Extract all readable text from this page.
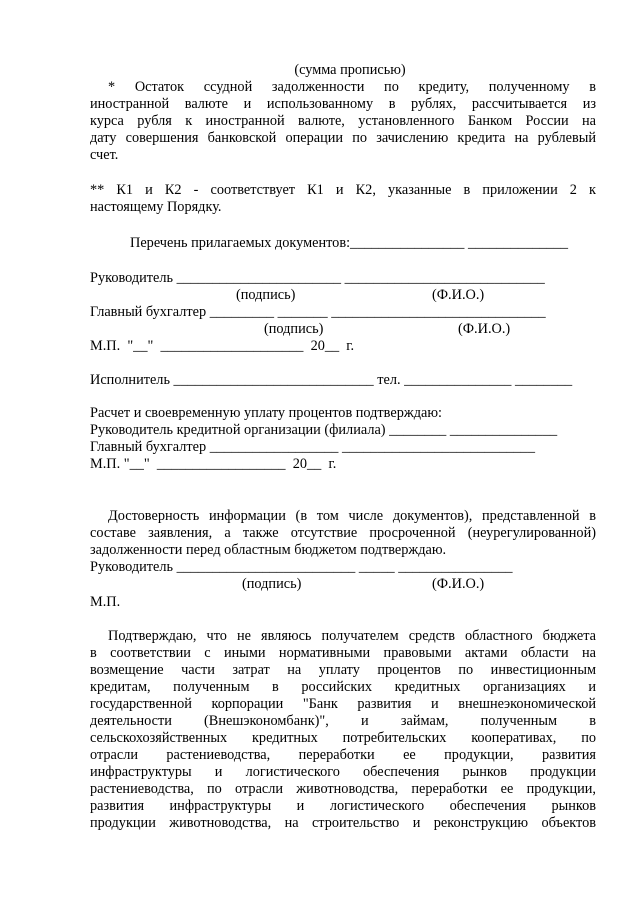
(сумма прописью)
* Остаток ссудной задолженности по кредиту, полученному в
иностранной валюте и использованному в рублях, рассчитывается из
курса рубля к иностранной валюте, установленного Банком России на
дату совершения банковской операции по зачислению кредита на рублевый
счет.
** К1 и К2 - соответствует К1 и К2, указанные в приложении 2 к
настоящему Порядку.
Перечень прилагаемых документов:________________ ______________
Руководитель _______________________ ____________________________
(подпись)	(Ф.И.О.)
Главный бухгалтер _________ _______ ______________________________
(подпись)	(Ф.И.О.)
М.П.  "__"  ____________________  20__  г.
Исполнитель ____________________________ тел. _______________ ________
Расчет и своевременную уплату процентов подтверждаю:
Руководитель кредитной организации (филиала) ________ _______________
Главный бухгалтер __________________ ___________________________
М.П. "__"  __________________  20__  г.
Достоверность информации (в том числе документов), представленной в
составе заявления, а также отсутствие просроченной (неурегулированной)
задолженности перед областным бюджетом подтверждаю.
Руководитель _________________________ _____ ________________
(подпись)	(Ф.И.О.)
М.П.
Подтверждаю, что не являюсь получателем средств областного бюджета
в соответствии с иными нормативными правовыми актами области на
возмещение части затрат на уплату процентов по инвестиционным
кредитам, полученным в российских кредитных организациях и
государственной корпорации "Банк развития и внешнеэкономической
деятельности (Внешэкономбанк)", и займам, полученным в
сельскохозяйственных кредитных потребительских кооперативах, по
отрасли растениеводства, переработки ее продукции, развития
инфраструктуры и логистического обеспечения рынков продукции
растениеводства, по отрасли животноводства, переработки ее продукции,
развития инфраструктуры и логистического обеспечения рынков
продукции животноводства, на строительство и реконструкцию объектов
